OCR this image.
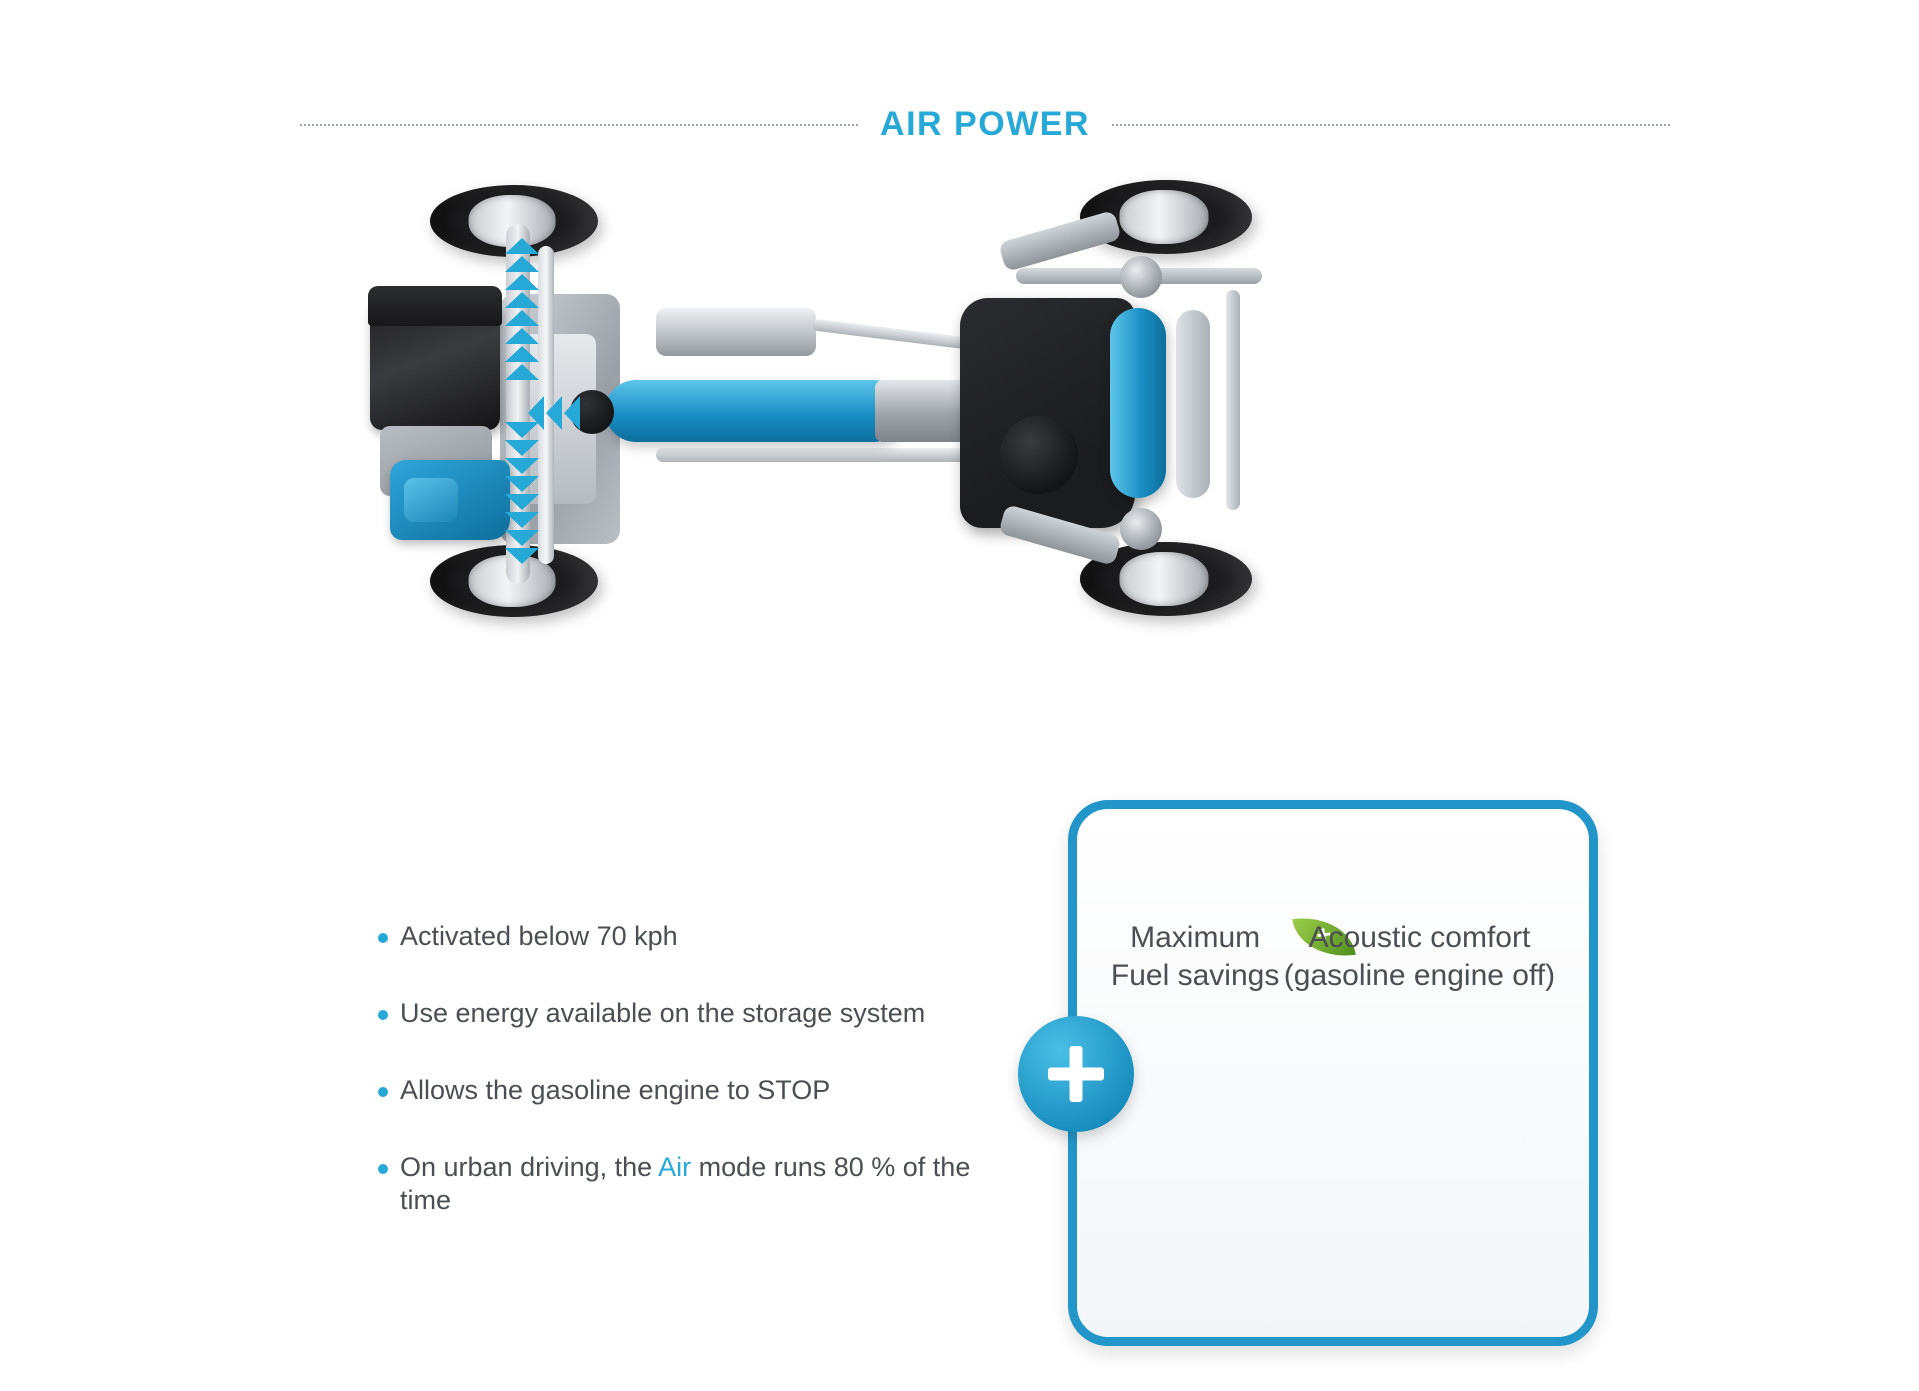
AIR POWER
Activated below 70 kph
Use energy available on the storage system
Allows the gasoline engine to STOP
On urban driving, the Air mode runs 80 % of the time
Maximum
Fuel savings
+
Acoustic comfort
(gasoline engine off)
